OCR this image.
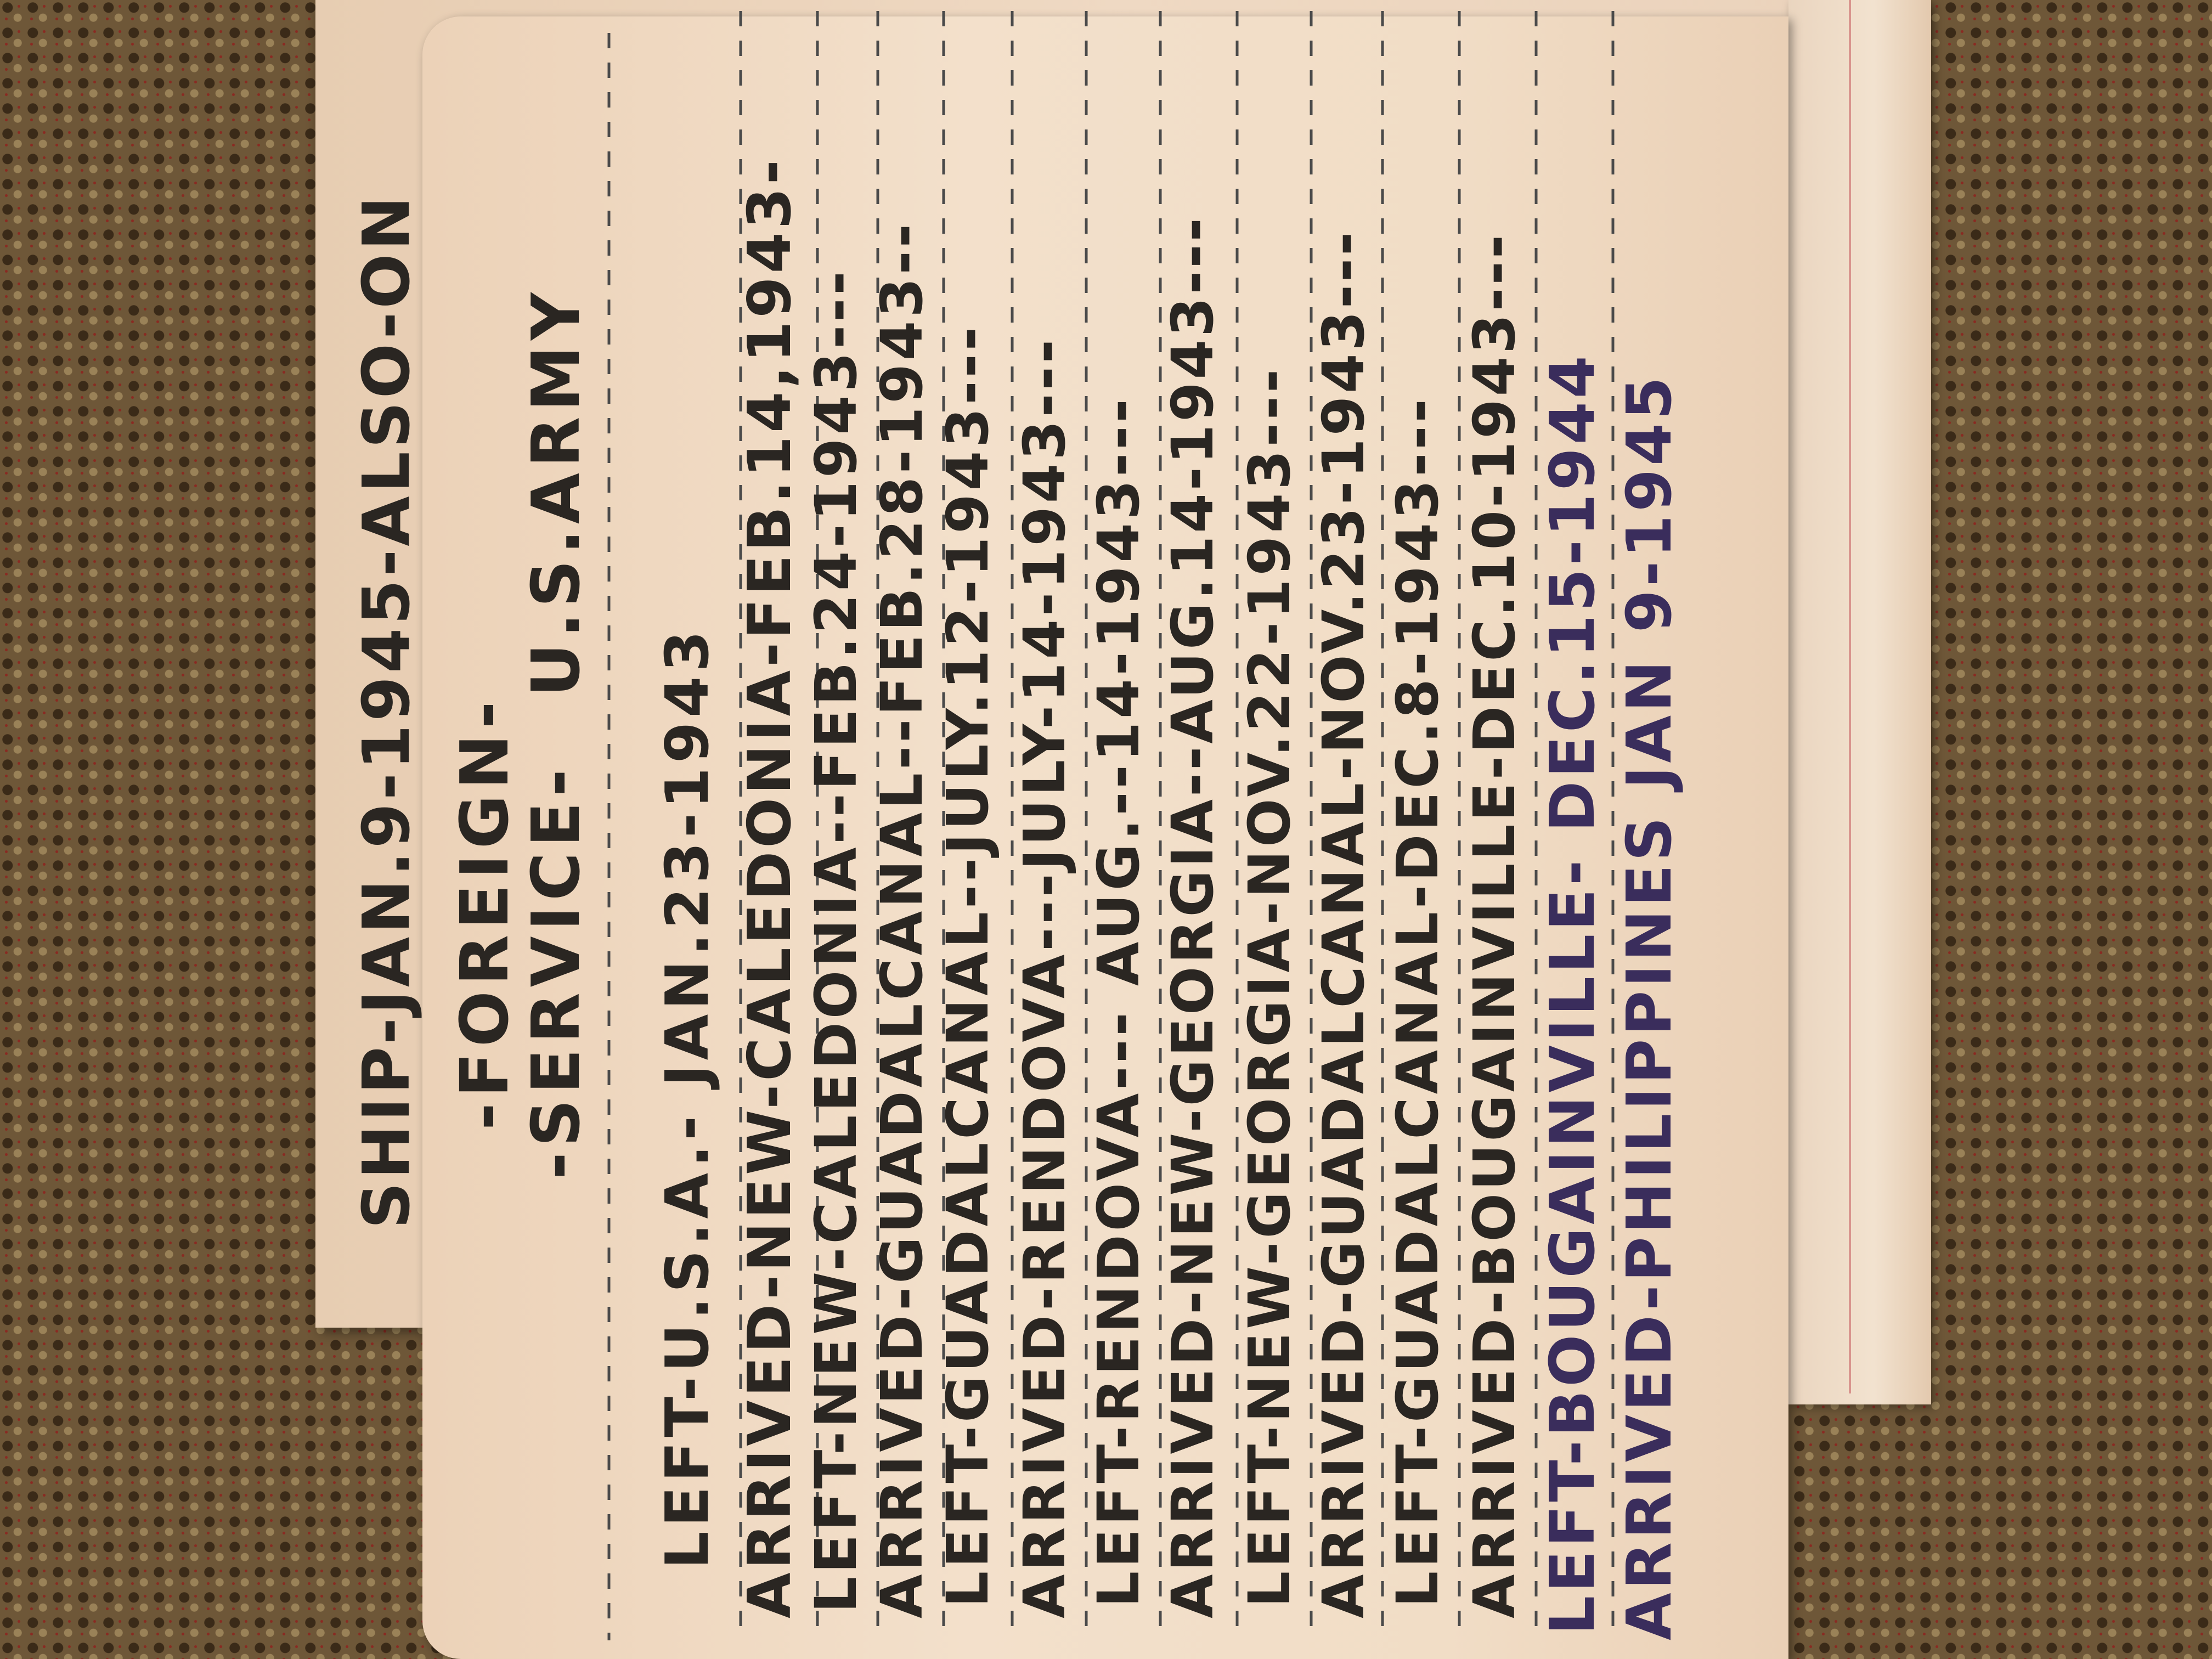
SHIP-JAN.9-1945-ALSO-ON -FOREIGN-
-SERVICE-
U.S.ARMY
LEFT-U.S.A.- JAN.23-1943 ARRIVED-NEW-CALEDONIA-FEB.14,1943-
LEFT-NEW-CALEDONIA--FEB.24-1943---
ARRIVED-GUADALCANAL--FEB.28-1943--
LEFT-GUADALCANAL--JULY.12-1943--- ARRIVED-RENDOVA---JULY-14-1943--- LEFT-RENDOVA--- AUG.--14-1943--- ARRIVED-NEW-GEORGIA--AUG.14-1943--- LEFT-NEW-GEORGIA-NOV.22-1943--- ARRIVED-GUADALCANAL-NOV.23-1943--- LEFT-GUADALCANAL-DEC.8-1943--- ARRIVED-BOUGAINVILLE-DEC.10-1943--- LEFT-BOUGAINVILLE- DEC.15-1944 ARRIVED-PHILIPPINES JAN 9-1945
